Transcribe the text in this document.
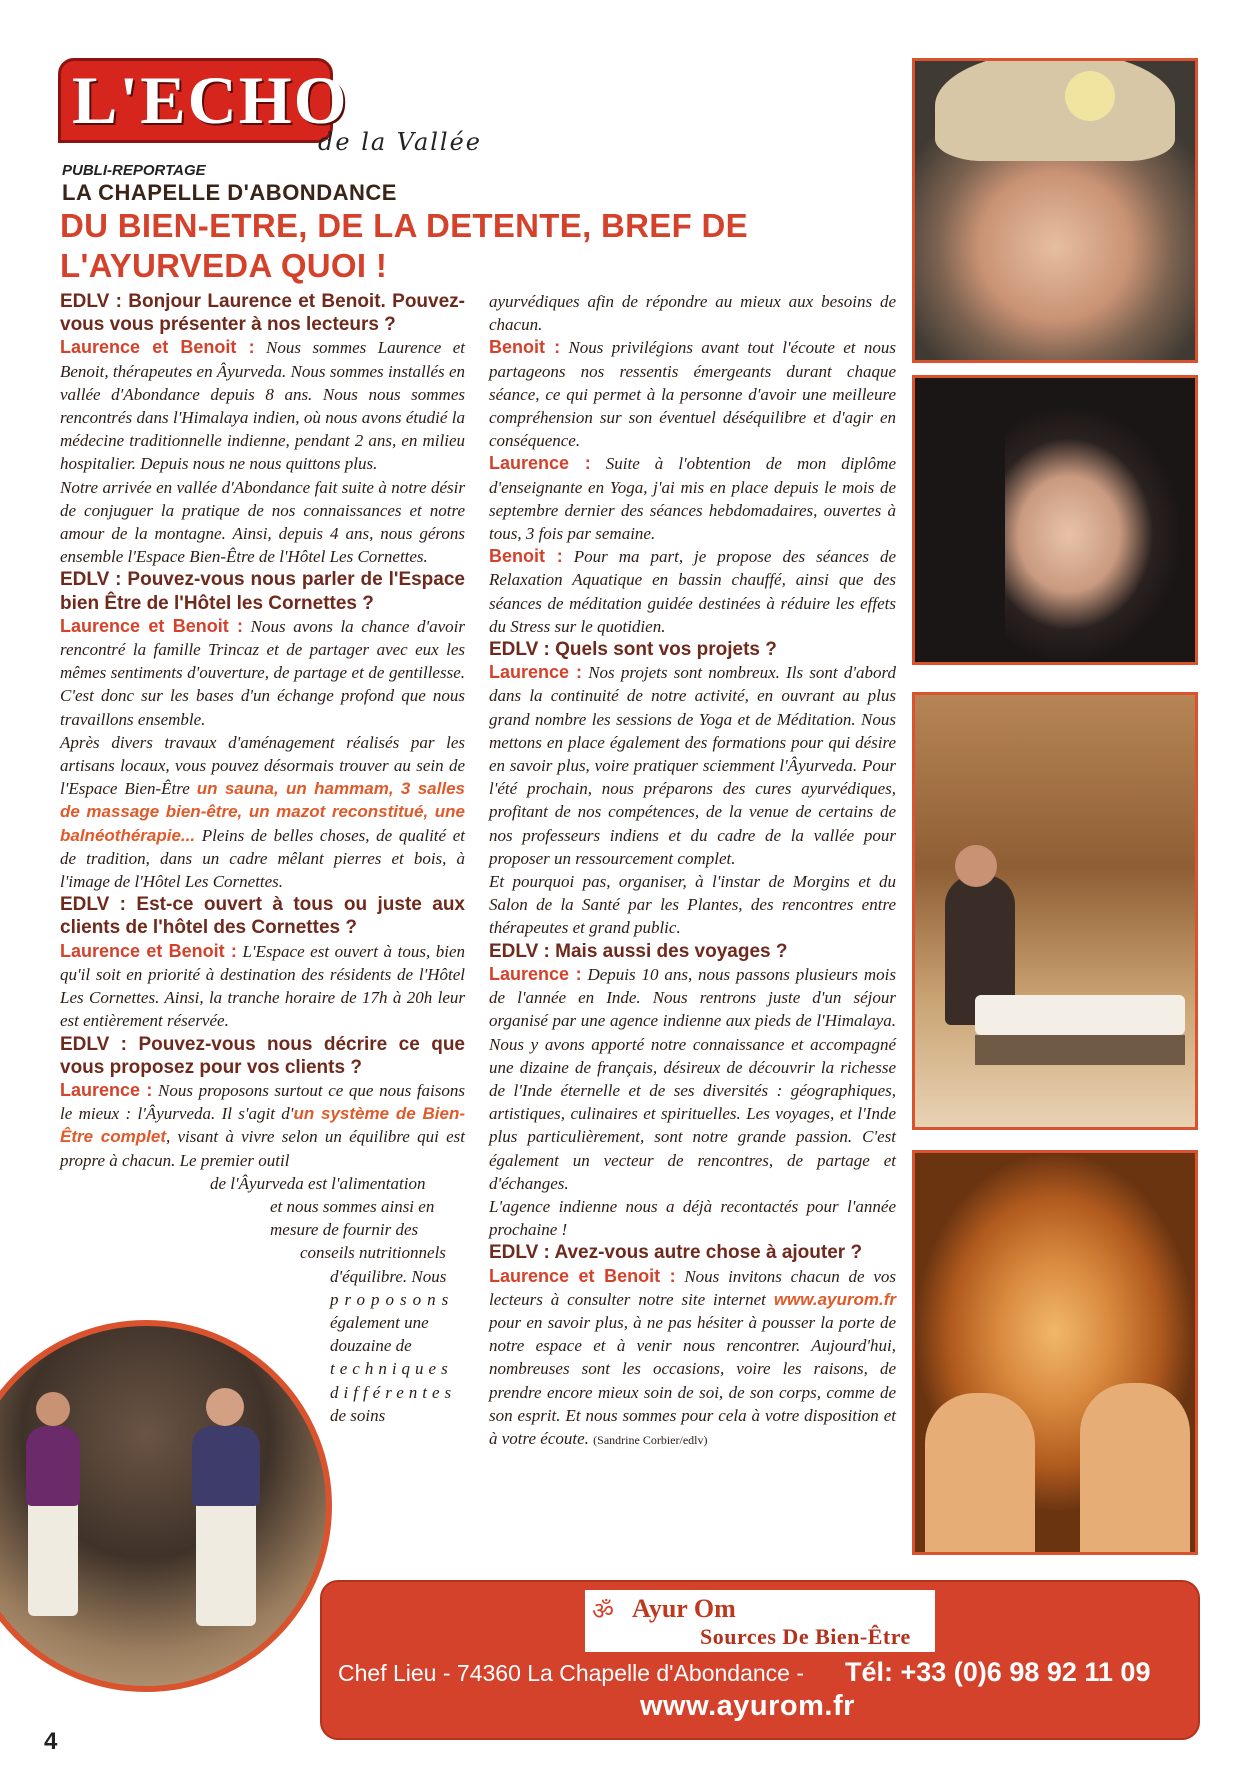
L'ECHO
de la Vallée
PUBLI-REPORTAGE
LA CHAPELLE D'ABONDANCE
DU BIEN-ETRE, DE LA DETENTE, BREF DE L'AYURVEDA QUOI !

EDLV : Bonjour Laurence et Benoit. Pouvez-vous vous présenter à nos lecteurs ?

Laurence et Benoit : Nous sommes Laurence et Benoit, thérapeutes en Âyurveda. Nous sommes installés en vallée d'Abondance depuis 8 ans. Nous nous sommes rencontrés dans l'Himalaya indien, où nous avons étudié la médecine traditionnelle indienne, pendant 2 ans, en milieu hospitalier. Depuis nous ne nous quittons plus.

Notre arrivée en vallée d'Abondance fait suite à notre désir de conjuguer la pratique de nos connaissances et notre amour de la montagne. Ainsi, depuis 4 ans, nous gérons ensemble l'Espace Bien-Être de l'Hôtel Les Cornettes.

EDLV : Pouvez-vous nous parler de l'Espace bien Être de l'Hôtel les Cornettes ?

Laurence et Benoit : Nous avons la chance d'avoir rencontré la famille Trincaz et de partager avec eux les mêmes sentiments d'ouverture, de partage et de gentillesse. C'est donc sur les bases d'un échange profond que nous travaillons ensemble.

Après divers travaux d'aménagement réalisés par les artisans locaux, vous pouvez désormais trouver au sein de l'Espace Bien-Être un sauna, un hammam, 3 salles de massage bien-être, un mazot reconstitué, une balnéothérapie... Pleins de belles choses, de qualité et de tradition, dans un cadre mêlant pierres et bois, à l'image de l'Hôtel Les Cornettes.

EDLV : Est-ce ouvert à tous ou juste aux clients de l'hôtel des Cornettes ?

Laurence et Benoit : L'Espace est ouvert à tous, bien qu'il soit en priorité à destination des résidents de l'Hôtel Les Cornettes. Ainsi, la tranche horaire de 17h à 20h leur est entièrement réservée.

EDLV : Pouvez-vous nous décrire ce que vous proposez pour vos clients ?

Laurence : Nous proposons surtout ce que nous faisons le mieux : l'Âyurveda. Il s'agit d'un système de Bien-Être complet, visant à vivre selon un équilibre qui est propre à chacun. Le premier outil

de l'Âyurveda est l'alimentation

et nous sommes ainsi en

mesure de fournir des

conseils nutritionnels

d'équilibre. Nous

proposons

également une

douzaine de

techniques

différentes

de soins

ayurvédiques afin de répondre au mieux aux besoins de chacun.

Benoit : Nous privilégions avant tout l'écoute et nous partageons nos ressentis émergeants durant chaque séance, ce qui permet à la personne d'avoir une meilleure compréhension sur son éventuel déséquilibre et d'agir en conséquence.

Laurence : Suite à l'obtention de mon diplôme d'enseignante en Yoga, j'ai mis en place depuis le mois de septembre dernier des séances hebdomadaires, ouvertes à tous, 3 fois par semaine.

Benoit : Pour ma part, je propose des séances de Relaxation Aquatique en bassin chauffé, ainsi que des séances de méditation guidée destinées à réduire les effets du Stress sur le quotidien.

EDLV : Quels sont vos projets ?

Laurence : Nos projets sont nombreux. Ils sont d'abord dans la continuité de notre activité, en ouvrant au plus grand nombre les sessions de Yoga et de Méditation. Nous mettons en place également des formations pour qui désire en savoir plus, voire pratiquer sciemment l'Âyurveda. Pour l'été prochain, nous préparons des cures ayurvédiques, profitant de nos compétences, de la venue de certains de nos professeurs indiens et du cadre de la vallée pour proposer un ressourcement complet.

Et pourquoi pas, organiser, à l'instar de Morgins et du Salon de la Santé par les Plantes, des rencontres entre thérapeutes et grand public.

EDLV : Mais aussi des voyages ?

Laurence : Depuis 10 ans, nous passons plusieurs mois de l'année en Inde. Nous rentrons juste d'un séjour organisé par une agence indienne aux pieds de l'Himalaya. Nous y avons apporté notre connaissance et accompagné une dizaine de français, désireux de découvrir la richesse de l'Inde éternelle et de ses diversités : géographiques, artistiques, culinaires et spirituelles. Les voyages, et l'Inde plus particulièrement, sont notre grande passion. C'est également un vecteur de rencontres, de partage et d'échanges.

L'agence indienne nous a déjà recontactés pour l'année prochaine !

EDLV : Avez-vous autre chose à ajouter ?

Laurence et Benoit : Nous invitons chacun de vos lecteurs à consulter notre site internet www.ayurom.fr pour en savoir plus, à ne pas hésiter à pousser la porte de notre espace et à venir nous rencontrer. Aujourd'hui, nombreuses sont les occasions, voire les raisons, de prendre encore mieux soin de soi, de son corps, comme de son esprit. Et nous sommes pour cela à votre disposition et à votre écoute. (Sandrine Corbier/edlv)

ॐ Ayur Om
Sources De Bien-Être
Chef Lieu - 74360 La Chapelle d'Abondance - Tél: +33 (0)6 98 92 11 09
www.ayurom.fr
4
